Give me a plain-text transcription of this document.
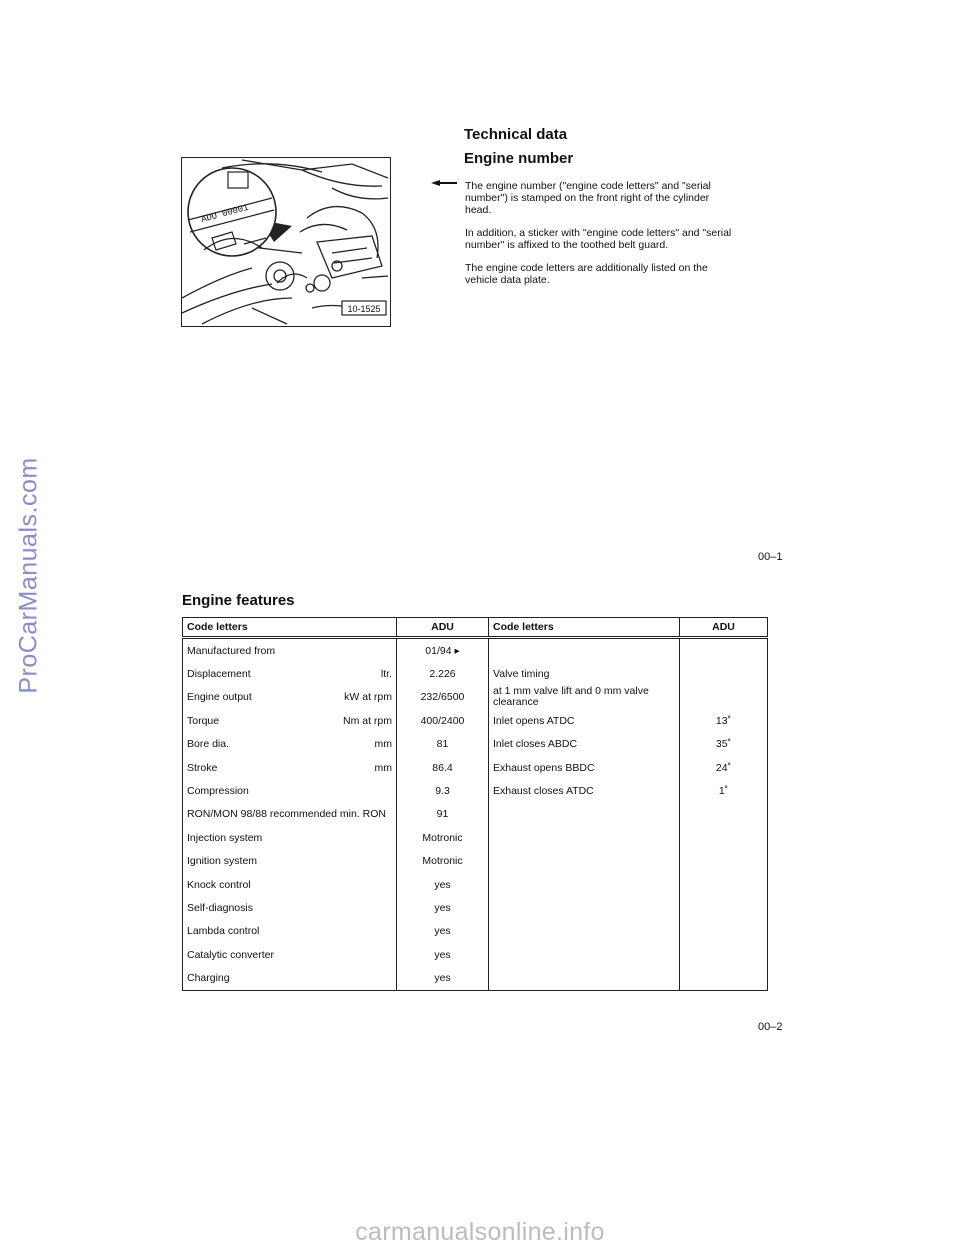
ProCarManuals.com
Technical data
Engine number
The engine number ("engine code letters" and "serial number") is stamped on the front right of the cylinder head.
In addition, a sticker with "engine code letters" and "serial number" is affixed to the toothed belt guard.
The engine code letters are additionally listed on the vehicle data plate.
ADU 00001
10-1525
00–1
Engine features
Code letters	ADU	Code letters	ADU

Manufactured from	01/94 ▸		

Displacement ltr.	2.226	Valve timing	

Engine output kW at rpm	232/6500	at 1 mm valve lift and 0 mm valve clearance	

Torque Nm at rpm	400/2400	Inlet opens ATDC	13˚

Bore dia. mm	81	Inlet closes ABDC	35˚

Stroke mm	86.4	Exhaust opens BBDC	24˚

Compression	9.3	Exhaust closes ATDC	1˚

RON/MON 98/88 recommended min. RON	91		

Injection system	Motronic		

Ignition system	Motronic		

Knock control	yes		

Self-diagnosis	yes		

Lambda control	yes		

Catalytic converter	yes		

Charging	yes		
00–2
carmanualsonline.info
